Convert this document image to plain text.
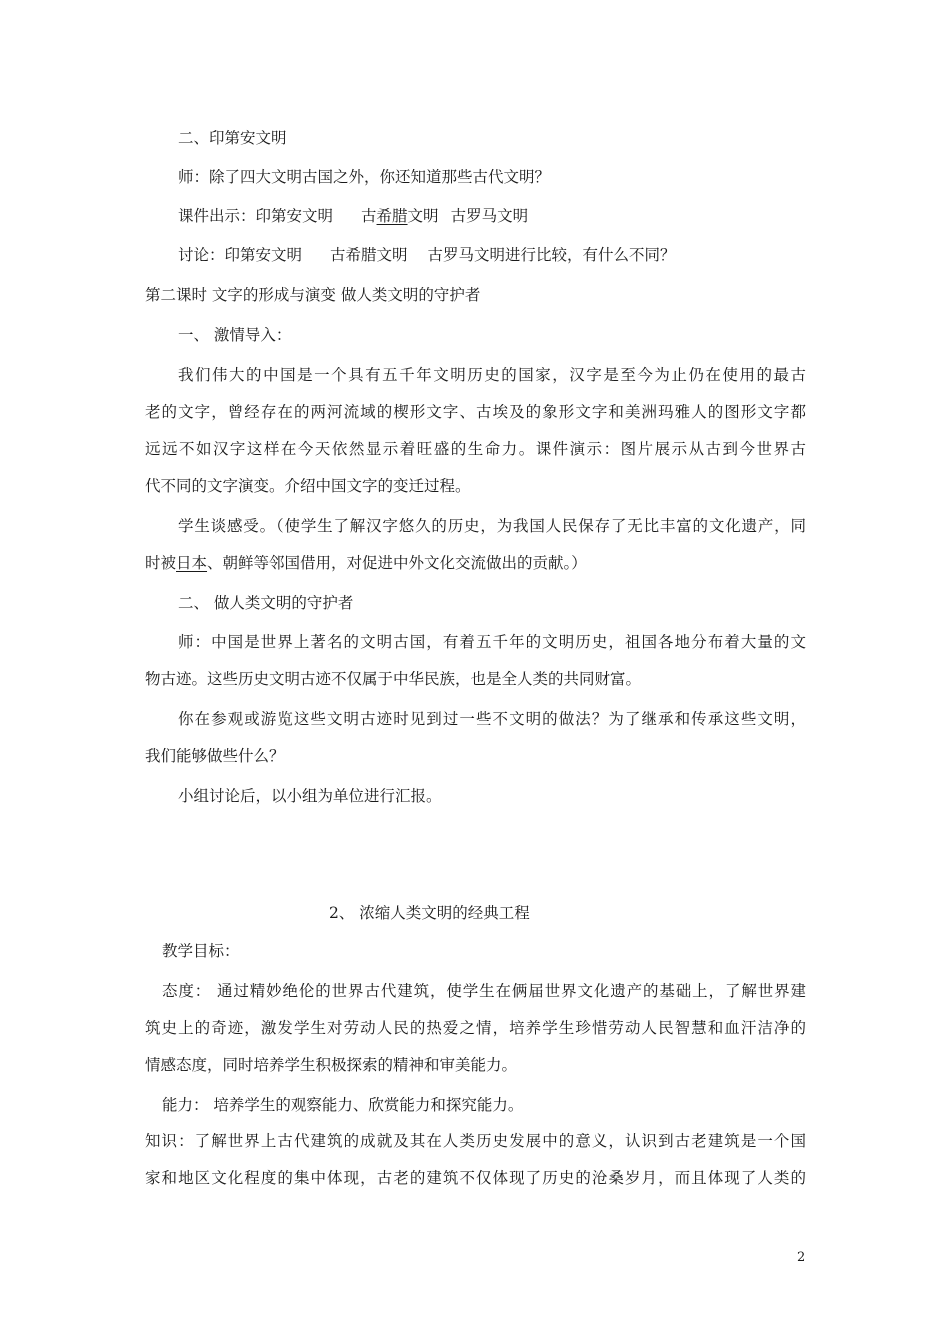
二、印第安文明
师：除了四大文明古国之外，你还知道那些古代文明？
课件出示：印第安文明 古希腊文明 古罗马文明
讨论：印第安文明 古希腊文明 古罗马文明进行比较，有什么不同？
第二课时 文字的形成与演变 做人类文明的守护者
一、 激情导入：
我们伟大的中国是一个具有五千年文明历史的国家，汉字是至今为止仍在使用的最古
老的文字，曾经存在的两河流域的楔形文字、古埃及的象形文字和美洲玛雅人的图形文字都
远远不如汉字这样在今天依然显示着旺盛的生命力。课件演示：图片展示从古到今世界古
代不同的文字演变。介绍中国文字的变迁过程。
学生谈感受。（使学生了解汉字悠久的历史，为我国人民保存了无比丰富的文化遗产，同
时被日本、朝鲜等邻国借用，对促进中外文化交流做出的贡献。）
二、 做人类文明的守护者
师：中国是世界上著名的文明古国，有着五千年的文明历史，祖国各地分布着大量的文
物古迹。这些历史文明古迹不仅属于中华民族，也是全人类的共同财富。
你在参观或游览这些文明古迹时见到过一些不文明的做法？为了继承和传承这些文明，
我们能够做些什么？
小组讨论后，以小组为单位进行汇报。
2、 浓缩人类文明的经典工程
教学目标：
态度： 通过精妙绝伦的世界古代建筑，使学生在俩届世界文化遗产的基础上，了解世界建
筑史上的奇迹，激发学生对劳动人民的热爱之情，培养学生珍惜劳动人民智慧和血汗洁净的
情感态度，同时培养学生积极探索的精神和审美能力。
能力： 培养学生的观察能力、欣赏能力和探究能力。
知识：了解世界上古代建筑的成就及其在人类历史发展中的意义，认识到古老建筑是一个国
家和地区文化程度的集中体现，古老的建筑不仅体现了历史的沧桑岁月，而且体现了人类的
2
